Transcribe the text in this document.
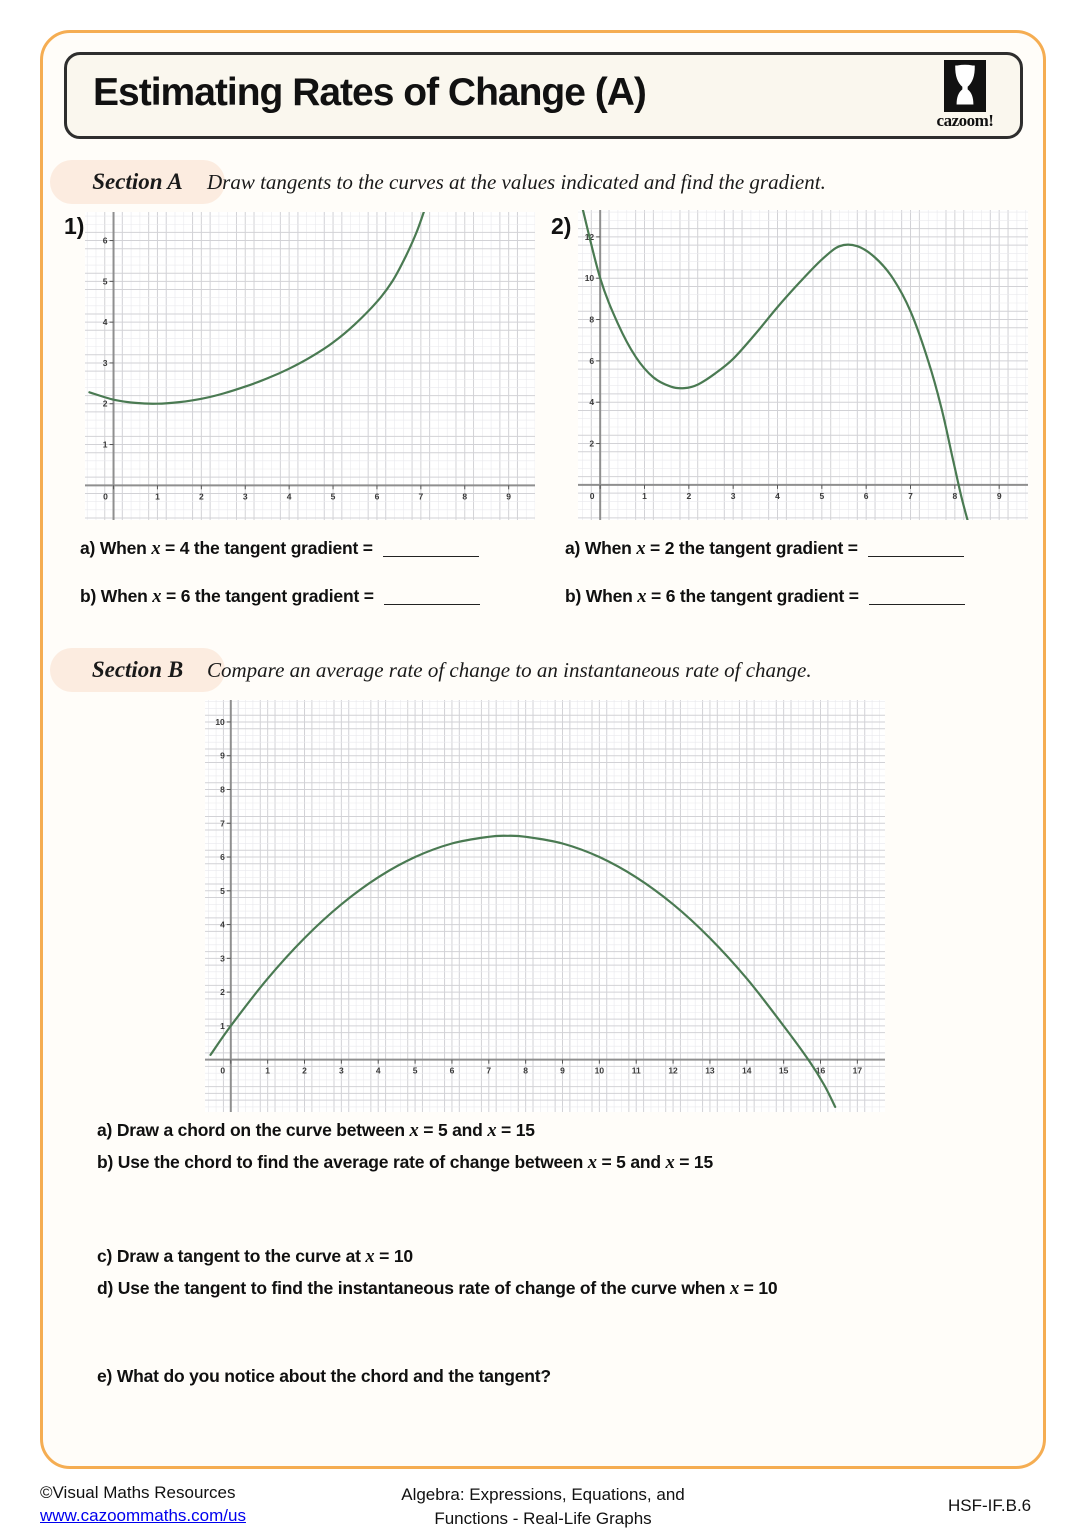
Estimating Rates of Change (A)
cazoom!
Section A	Draw tangents to the curves at the values indicated and find the gradient.
1)
0	1	2	3	4	5	6	7	8	9
1
2
3
4
5
6
2)
0	1	2	3	4	5	6	7	8	9
2
4
6
8
10
12
a) When x = 4 the tangent gradient =
b) When x = 6 the tangent gradient =
a) When x = 2 the tangent gradient =
b) When x = 6 the tangent gradient =
Section B	Compare an average rate of change to an instantaneous rate of change.
0	1	2	3	4	5	6	7	8	9	10	11	12	13	14	15	16	17
1
2
3
4
5
6
7
8
9
10
a) Draw a chord on the curve between x = 5 and x = 15
b) Use the chord to find the average rate of change between x = 5 and x = 15
c) Draw a tangent to the curve at x = 10
d) Use the tangent to find the instantaneous rate of change of the curve when x = 10
e) What do you notice about the chord and the tangent?
©Visual Maths Resources
www.cazoommaths.com/us
Algebra: Expressions, Equations, and
Functions - Real-Life Graphs
HSF-IF.B.6
